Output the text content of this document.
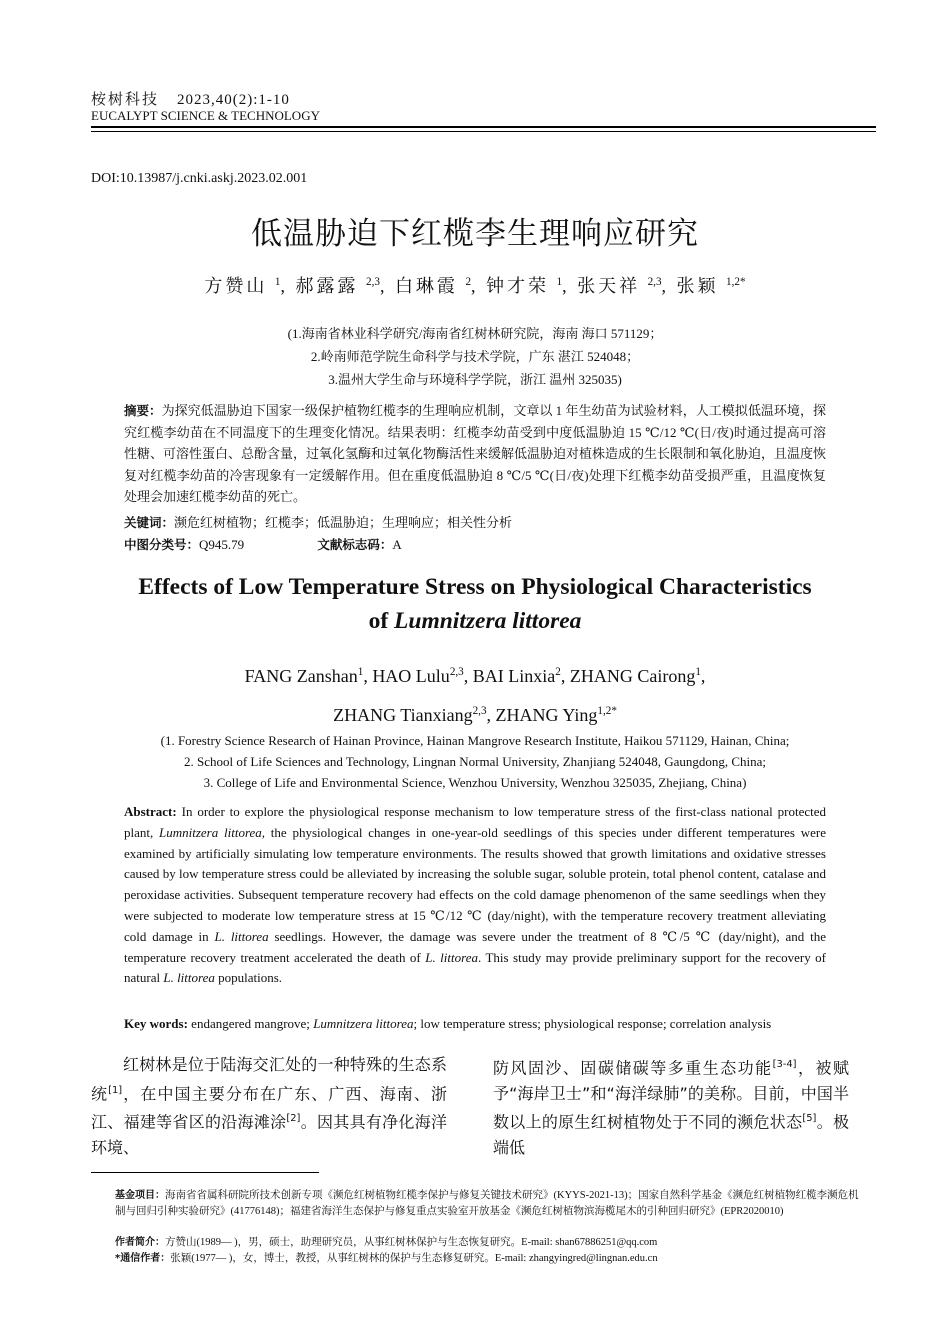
桉树科技 2023,40(2):1-10
EUCALYPT SCIENCE & TECHNOLOGY
DOI:10.13987/j.cnki.askj.2023.02.001
低温胁迫下红榄李生理响应研究
方赞山 $^1$, 郝露露 $^{2,3}$, 白琳霞 $^2$, 钟才荣 $^1$, 张天祥 $^{2,3}$, 张颖 $^{1,2*}$
(1.海南省林业科学研究/海南省红树林研究院，海南 海口 571129；
2.岭南师范学院生命科学与技术学院，广东 湛江 524048；
3.温州大学生命与环境科学学院，浙江 温州 325035)
摘要：为探究低温胁迫下国家一级保护植物红榄李的生理响应机制，文章以 1 年生幼苗为试验材料，人工模拟低温环境，探究红榄李幼苗在不同温度下的生理变化情况。结果表明：红榄李幼苗受到中度低温胁迫 15 ℃/12 ℃(日/夜)时通过提高可溶性糖、可溶性蛋白、总酚含量，过氧化氢酶和过氧化物酶活性来缓解低温胁迫对植株造成的生长限制和氧化胁迫，且温度恢复对红榄李幼苗的冷害现象有一定缓解作用。但在重度低温胁迫 8 ℃/5 ℃(日/夜)处理下红榄李幼苗受损严重，且温度恢复处理会加速红榄李幼苗的死亡。
关键词：濒危红树植物；红榄李；低温胁迫；生理响应；相关性分析
中图分类号：Q945.79	文献标志码：A
Effects of Low Temperature Stress on Physiological Characteristics
of Lumnitzera littorea
FANG Zanshan$^1$, HAO Lulu$^{2,3}$, BAI Linxia$^2$, ZHANG Cairong$^1$,
ZHANG Tianxiang$^{2,3}$, ZHANG Ying$^{1,2*}$
(1. Forestry Science Research of Hainan Province, Hainan Mangrove Research Institute, Haikou 571129, Hainan, China;
2. School of Life Sciences and Technology, Lingnan Normal University, Zhanjiang 524048, Gaungdong, China;
3. College of Life and Environmental Science, Wenzhou University, Wenzhou 325035, Zhejiang, China)
Abstract: In order to explore the physiological response mechanism to low temperature stress of the first-class national protected plant, Lumnitzera littorea, the physiological changes in one-year-old seedlings of this species under different temperatures were examined by artificially simulating low temperature environments. The results showed that growth limitations and oxidative stresses caused by low temperature stress could be alleviated by increasing the soluble sugar, soluble protein, total phenol content, catalase and peroxidase activities. Subsequent temperature recovery had effects on the cold damage phenomenon of the same seedlings when they were subjected to moderate low temperature stress at 15 ℃/12 ℃ (day/night), with the temperature recovery treatment alleviating cold damage in L. littorea seedlings. However, the damage was severe under the treatment of 8 ℃/5 ℃ (day/night), and the temperature recovery treatment accelerated the death of L. littorea. This study may provide preliminary support for the recovery of natural L. littorea populations.
Key words: endangered mangrove; Lumnitzera littorea; low temperature stress; physiological response; correlation analysis
红树林是位于陆海交汇处的一种特殊的生态系统[1]，在中国主要分布在广东、广西、海南、浙江、福建等省区的沿海滩涂[2]。因其具有净化海洋环境、
防风固沙、固碳储碳等多重生态功能[3-4]，被赋予“海岸卫士”和“海洋绿肺”的美称。目前，中国半数以上的原生红树植物处于不同的濒危状态[5]。极端低
基金项目：海南省省属科研院所技术创新专项《濒危红树植物红榄李保护与修复关键技术研究》(KYYS-2021-13)；国家自然科学基金《濒危红树植物红榄李濒危机制与回归引种实验研究》(41776148)；福建省海洋生态保护与修复重点实验室开放基金《濒危红树植物滨海榄尾木的引种回归研究》(EPR2020010)
作者简介：方赞山(1989— )，男，硕士，助理研究员，从事红树林保护与生态恢复研究。E-mail: shan67886251@qq.com
*通信作者：张颖(1977— )，女，博士，教授，从事红树林的保护与生态修复研究。E-mail: zhangyingred@lingnan.edu.cn
